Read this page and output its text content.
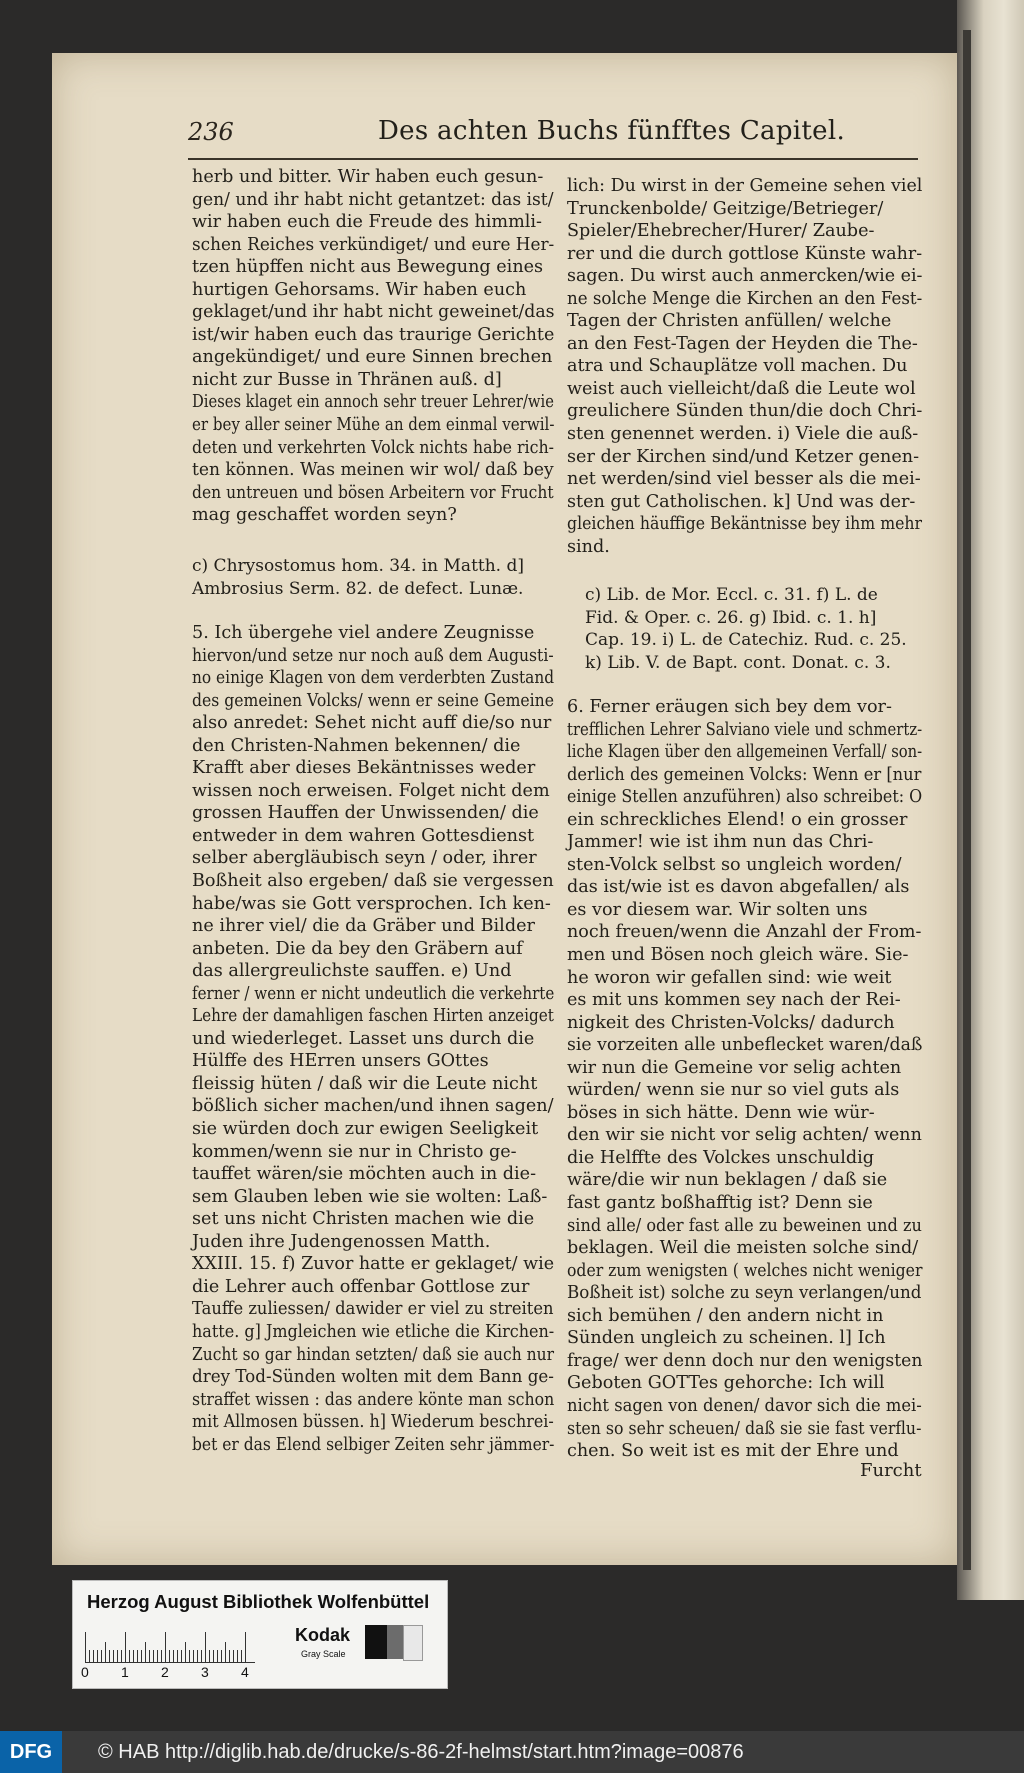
236	Des achten Buchs fünfftes Capitel.
herb und bitter. Wir haben euch gesun-
gen/ und ihr habt nicht getantzet: das ist/
wir haben euch die Freude des himmli-
schen Reiches verkündiget/ und eure Her-
tzen hüpffen nicht aus Bewegung eines
hurtigen Gehorsams. Wir haben euch
geklaget/und ihr habt nicht geweinet/das
ist/wir haben euch das traurige Gerichte
angekündiget/ und eure Sinnen brechen
nicht zur Busse in Thränen auß. d]
Dieses klaget ein annoch sehr treuer Lehrer/wie
er bey aller seiner Mühe an dem einmal verwil-
deten und verkehrten Volck nichts habe rich-
ten können. Was meinen wir wol/ daß bey
den untreuen und bösen Arbeitern vor Frucht
mag geschaffet worden seyn?
c) Chrysostomus hom. 34. in Matth. d]
Ambrosius Serm. 82. de defect. Lunæ.
5. Ich übergehe viel andere Zeugnisse
hiervon/und setze nur noch auß dem Augusti-
no einige Klagen von dem verderbten Zustand
des gemeinen Volcks/ wenn er seine Gemeine
also anredet: Sehet nicht auff die/so nur
den Christen-Nahmen bekennen/ die
Krafft aber dieses Bekäntnisses weder
wissen noch erweisen. Folget nicht dem
grossen Hauffen der Unwissenden/ die
entweder in dem wahren Gottesdienst
selber abergläubisch seyn / oder, ihrer
Boßheit also ergeben/ daß sie vergessen
habe/was sie Gott versprochen. Ich ken-
ne ihrer viel/ die da Gräber und Bilder
anbeten. Die da bey den Gräbern auf
das allergreulichste sauffen. e) Und
ferner / wenn er nicht undeutlich die verkehrte
Lehre der damahligen faschen Hirten anzeiget
und wiederleget. Lasset uns durch die
Hülffe des HErren unsers GOttes
fleissig hüten / daß wir die Leute nicht
bößlich sicher machen/und ihnen sagen/
sie würden doch zur ewigen Seeligkeit
kommen/wenn sie nur in Christo ge-
tauffet wären/sie möchten auch in die-
sem Glauben leben wie sie wolten: Laß-
set uns nicht Christen machen wie die
Juden ihre Judengenossen Matth.
XXIII. 15. f) Zuvor hatte er geklaget/ wie
die Lehrer auch offenbar Gottlose zur
Tauffe zuliessen/ dawider er viel zu streiten
hatte. g] Jmgleichen wie etliche die Kirchen-
Zucht so gar hindan setzten/ daß sie auch nur
drey Tod-Sünden wolten mit dem Bann ge-
straffet wissen : das andere könte man schon
mit Allmosen büssen. h] Wiederum beschrei-
bet er das Elend selbiger Zeiten sehr jämmer-
lich: Du wirst in der Gemeine sehen viel
Trunckenbolde/ Geitzige/Betrieger/
Spieler/Ehebrecher/Hurer/ Zaube-
rer und die durch gottlose Künste wahr-
sagen. Du wirst auch anmercken/wie ei-
ne solche Menge die Kirchen an den Fest-
Tagen der Christen anfüllen/ welche
an den Fest-Tagen der Heyden die The-
atra und Schauplätze voll machen. Du
weist auch vielleicht/daß die Leute wol
greulichere Sünden thun/die doch Chri-
sten genennet werden. i) Viele die auß-
ser der Kirchen sind/und Ketzer genen-
net werden/sind viel besser als die mei-
sten gut Catholischen. k] Und was der-
gleichen häuffige Bekäntnisse bey ihm mehr
sind.
c) Lib. de Mor. Eccl. c. 31. f) L. de
Fid. & Oper. c. 26. g) Ibid. c. 1. h]
Cap. 19. i) L. de Catechiz. Rud. c. 25.
k) Lib. V. de Bapt. cont. Donat. c. 3.
6. Ferner eräugen sich bey dem vor-
trefflichen Lehrer Salviano viele und schmertz-
liche Klagen über den allgemeinen Verfall/ son-
derlich des gemeinen Volcks: Wenn er [nur
einige Stellen anzuführen) also schreibet: O
ein schreckliches Elend! o ein grosser
Jammer! wie ist ihm nun das Chri-
sten-Volck selbst so ungleich worden/
das ist/wie ist es davon abgefallen/ als
es vor diesem war. Wir solten uns
noch freuen/wenn die Anzahl der From-
men und Bösen noch gleich wäre. Sie-
he woron wir gefallen sind: wie weit
es mit uns kommen sey nach der Rei-
nigkeit des Christen-Volcks/ dadurch
sie vorzeiten alle unbeflecket waren/daß
wir nun die Gemeine vor selig achten
würden/ wenn sie nur so viel guts als
böses in sich hätte. Denn wie wür-
den wir sie nicht vor selig achten/ wenn
die Helffte des Volckes unschuldig
wäre/die wir nun beklagen / daß sie
fast gantz boßhafftig ist? Denn sie
sind alle/ oder fast alle zu beweinen und zu
beklagen. Weil die meisten solche sind/
oder zum wenigsten ( welches nicht weniger
Boßheit ist) solche zu seyn verlangen/und
sich bemühen / den andern nicht in
Sünden ungleich zu scheinen. l] Ich
frage/ wer denn doch nur den wenigsten
Geboten GOTTes gehorche: Ich will
nicht sagen von denen/ davor sich die mei-
sten so sehr scheuen/ daß sie sie fast verflu-
chen. So weit ist es mit der Ehre und
Furcht
Herzog August Bibliothek Wolfenbüttel
0 1 2 3 4
Kodak
Gray Scale
DFG	© HAB http://diglib.hab.de/drucke/s-86-2f-helmst/start.htm?image=00876
